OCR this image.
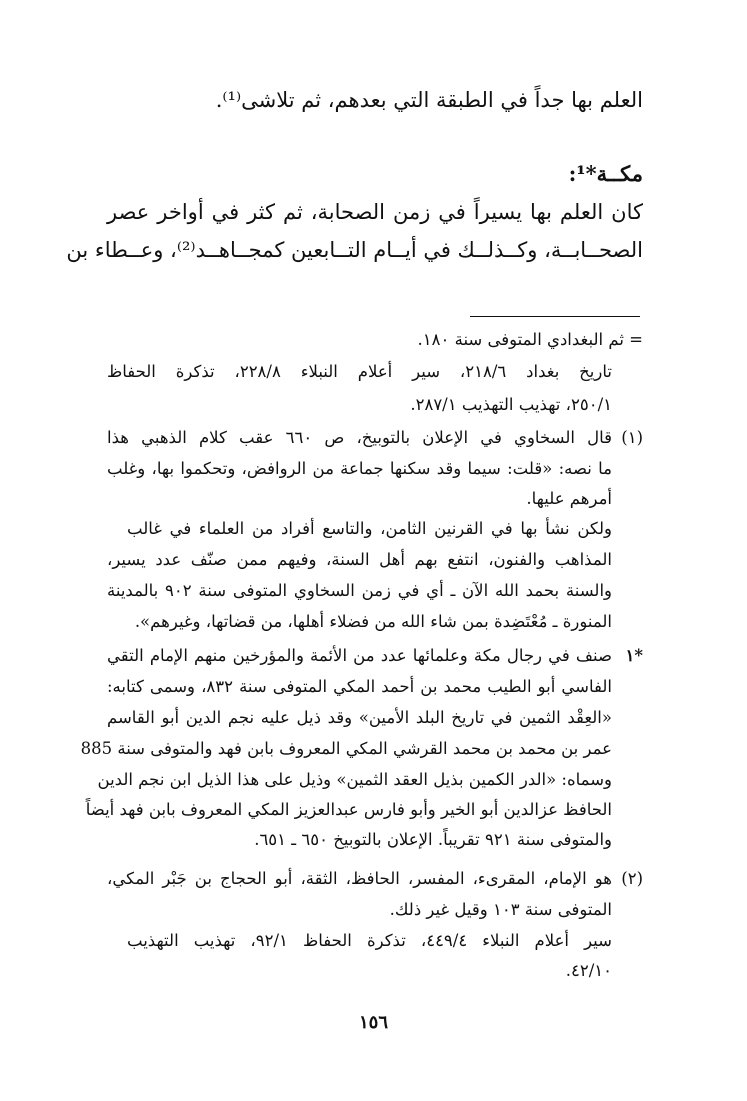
العلم بها جداً في الطبقة التي بعدهم، ثم تلاشى⁽¹⁾.
مكــة*¹:
كان العلم بها يسيراً في زمن الصحابة، ثم كثر في أواخر عصر
الصحــابــة، وكــذلــك في أيــام التــابعين كمجــاهــد⁽²⁾، وعــطاء بن
= ثم البغدادي المتوفى سنة ١٨٠.
تاريخ بغداد ٢١٨/٦، سير أعلام النبلاء ٢٢٨/٨، تذكرة الحفاظ
٢٥٠/١، تهذيب التهذيب ٢٨٧/١.
(١)
قال السخاوي في الإعلان بالتوبيخ، ص ٦٦٠ عقب كلام الذهبي هذا
ما نصه: «قلت: سيما وقد سكنها جماعة من الروافض، وتحكموا بها، وغلب
أمرهم عليها.
ولكن نشأ بها في القرنين الثامن، والتاسع أفراد من العلماء في غالب
المذاهب والفنون، انتفع بهم أهل السنة، وفيهم ممن صنّف عدد يسير،
والسنة بحمد الله الآن ـ أي في زمن السخاوي المتوفى سنة ٩٠٢ بالمدينة
المنورة ـ مُعْتَضِدة بمن شاء الله من فضلاء أهلها، من قضاتها، وغيرهم».
*١
صنف في رجال مكة وعلمائها عدد من الأئمة والمؤرخين منهم الإمام التقي
الفاسي أبو الطيب محمد بن أحمد المكي المتوفى سنة ٨٣٢، وسمى كتابه:
«العِقْد الثمين في تاريخ البلد الأمين» وقد ذيل عليه نجم الدين أبو القاسم
عمر بن محمد بن محمد القرشي المكي المعروف بابن فهد والمتوفى سنة 885
وسماه: «الدر الكمين بذيل العقد الثمين» وذيل على هذا الذيل ابن نجم الدين
الحافظ عزالدين أبو الخير وأبو فارس عبدالعزيز المكي المعروف بابن فهد أيضاً
والمتوفى سنة ٩٢١ تقريباً. الإعلان بالتوبيخ ٦٥٠ ـ ٦٥١.
(٢)
هو الإمام، المقرىء، المفسر، الحافظ، الثقة، أبو الحجاج بن جَبْر المكي،
المتوفى سنة ١٠٣ وقيل غير ذلك.
سير أعلام النبلاء ٤٤٩/٤، تذكرة الحفاظ ٩٢/١، تهذيب التهذيب
٤٢/١٠.
١٥٦
